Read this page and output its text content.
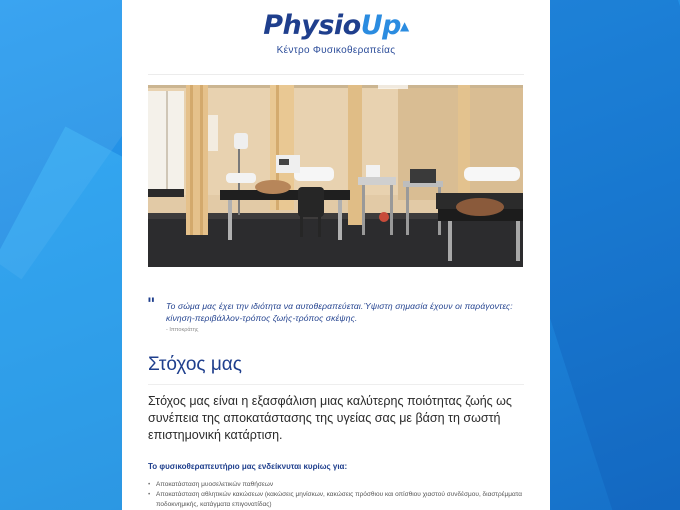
PhysioUp▲
Κέντρο Φυσικοθεραπείας
" Το σώμα μας έχει την ιδιότητα να αυτοθεραπεύεται.Ύψιστη σημασία έχουν οι παράγοντες: κίνηση-περιβάλλον-τρόπος ζωής-τρόπος σκέψης.
- Ιπποκράτης
Στόχος μας
Στόχος μας είναι η εξασφάλιση μιας καλύτερης ποιότητας ζωής ως συνέπεια της αποκατάστασης της υγείας σας με βάση τη σωστή επιστημονική κατάρτιση.
Το φυσικοθεραπευτήριο μας ενδείκνυται κυρίως για:
• Αποκατάσταση μυοσελετικών παθήσεων
• Αποκατάσταση αθλητικών κακώσεων (κακώσεις μηνίσκων, κακώσεις πρόσθιου και οπίσθιου χιαστού συνδέσμου, διαστρέμματα ποδοκνημικής, κατάγματα επιγονατίδας)
